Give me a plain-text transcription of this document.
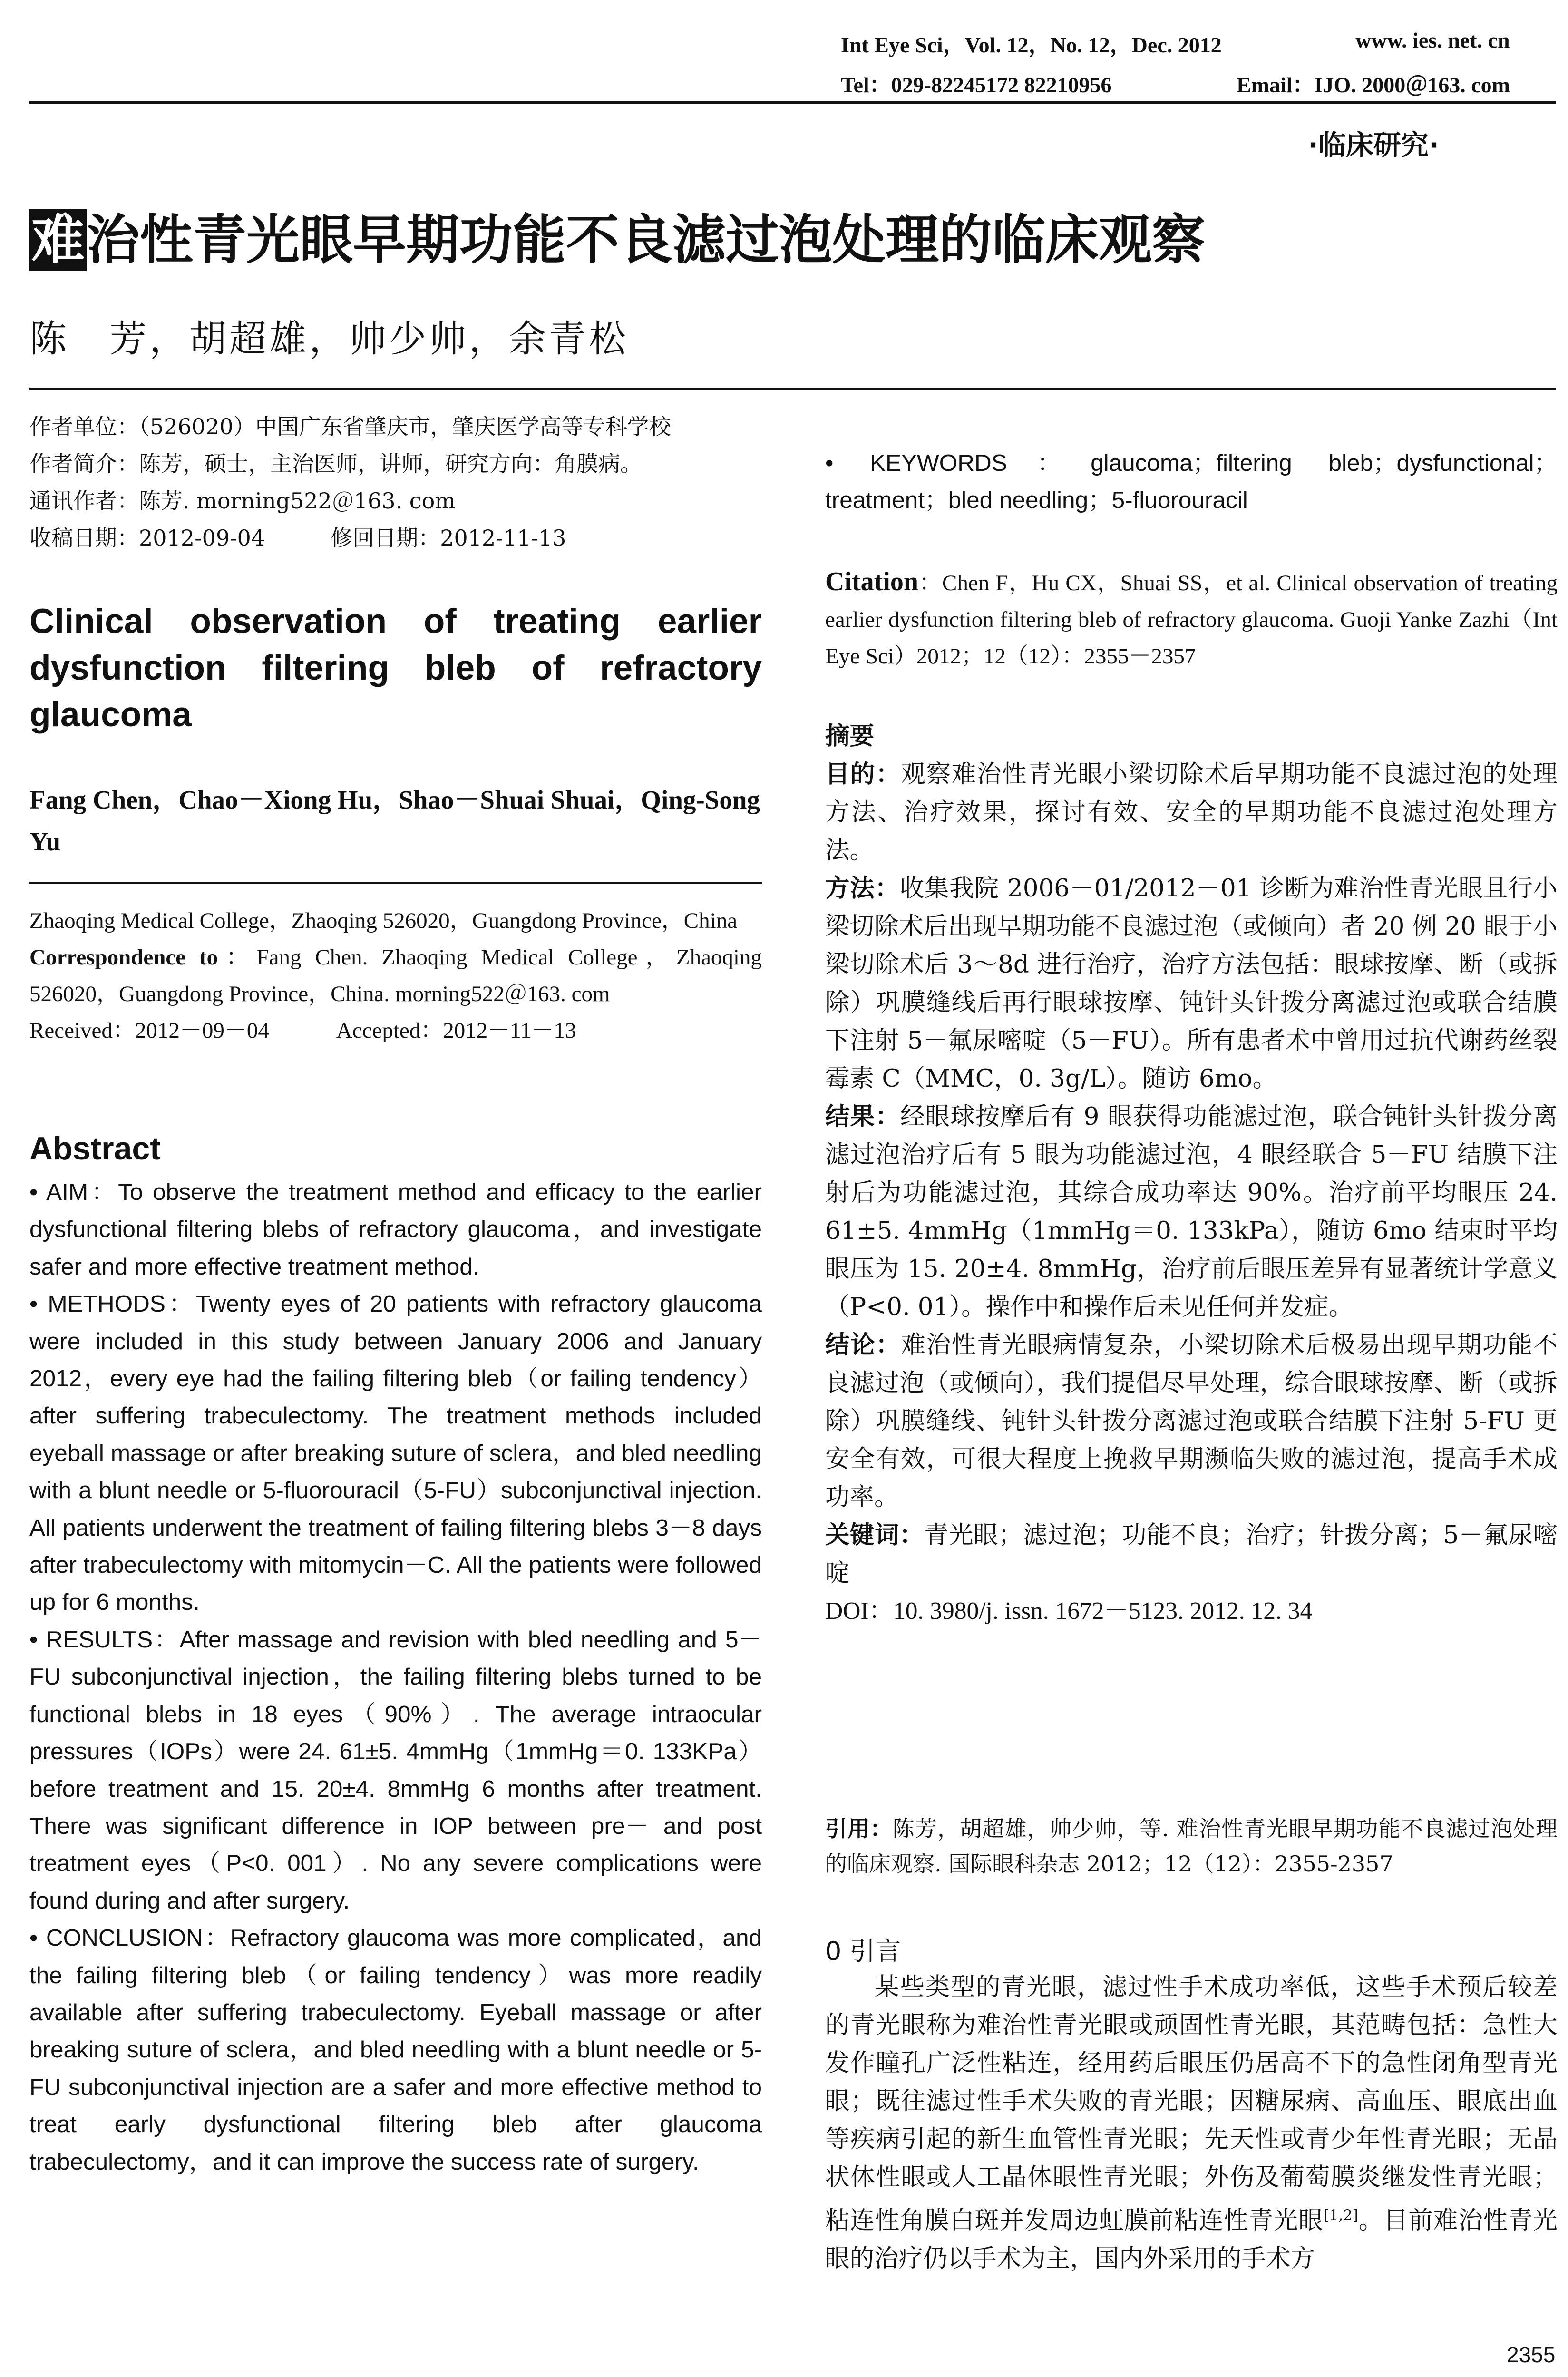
Int Eye Sci，Vol. 12，No. 12，Dec. 2012	www. ies. net. cn
Tel：029-82245172 82210956	Email：IJO. 2000＠163. com
·临床研究·
难治性青光眼早期功能不良滤过泡处理的临床观察
陈　芳，胡超雄，帅少帅，余青松
作者单位：（526020）中国广东省肇庆市，肇庆医学高等专科学校
作者简介：陈芳，硕士，主治医师，讲师，研究方向：角膜病。
通讯作者：陈芳. morning522＠163. com
收稿日期：2012-09-04　　　修回日期：2012-11-13
Clinical observation of treating earlier dysfunction filtering bleb of refractory glaucoma
Fang Chen，Chao－Xiong Hu，Shao－Shuai Shuai，Qing-Song Yu

Zhaoqing Medical College，Zhaoqing 526020，Guangdong Province，China

Correspondence to：Fang Chen. Zhaoqing Medical College，Zhaoqing 526020，Guangdong Province，China. morning522＠163. com

Received：2012－09－04　　　Accepted：2012－11－13

Abstract

• AIM：To observe the treatment method and efficacy to the earlier dysfunctional filtering blebs of refractory glaucoma，and investigate safer and more effective treatment method.

• METHODS：Twenty eyes of 20 patients with refractory glaucoma were included in this study between January 2006 and January 2012，every eye had the failing filtering bleb（or failing tendency）after suffering trabeculectomy. The treatment methods included eyeball massage or after breaking suture of sclera，and bled needling with a blunt needle or 5-fluorouracil（5-FU）subconjunctival injection. All patients underwent the treatment of failing filtering blebs 3－8 days after trabeculectomy with mitomycin－C. All the patients were followed up for 6 months.

• RESULTS：After massage and revision with bled needling and 5－FU subconjunctival injection，the failing filtering blebs turned to be functional blebs in 18 eyes（90%）. The average intraocular pressures（IOPs）were 24. 61±5. 4mmHg（1mmHg＝0. 133KPa）before treatment and 15. 20±4. 8mmHg 6 months after treatment. There was significant difference in IOP between pre－ and post treatment eyes（P<0. 001）. No any severe complications were found during and after surgery.

• CONCLUSION：Refractory glaucoma was more complicated，and the failing filtering bleb（or failing tendency）was more readily available after suffering trabeculectomy. Eyeball massage or after breaking suture of sclera，and bled needling with a blunt needle or 5-FU subconjunctival injection are a safer and more effective method to treat early dysfunctional filtering bleb after glaucoma trabeculectomy，and it can improve the success rate of surgery.

• KEYWORDS：glaucoma；filtering bleb；dysfunctional；treatment；bled needling；5-fluorouracil

Citation：Chen F，Hu CX，Shuai SS，et al. Clinical observation of treating earlier dysfunction filtering bleb of refractory glaucoma. Guoji Yanke Zazhi（Int Eye Sci）2012；12（12）：2355－2357

摘要

目的：观察难治性青光眼小梁切除术后早期功能不良滤过泡的处理方法、治疗效果，探讨有效、安全的早期功能不良滤过泡处理方法。

方法：收集我院 2006－01/2012－01 诊断为难治性青光眼且行小梁切除术后出现早期功能不良滤过泡（或倾向）者 20 例 20 眼于小梁切除术后 3～8d 进行治疗，治疗方法包括：眼球按摩、断（或拆除）巩膜缝线后再行眼球按摩、钝针头针拨分离滤过泡或联合结膜下注射 5－氟尿嘧啶（5－FU）。所有患者术中曾用过抗代谢药丝裂霉素 C（MMC，0. 3g/L）。随访 6mo。

结果：经眼球按摩后有 9 眼获得功能滤过泡，联合钝针头针拨分离滤过泡治疗后有 5 眼为功能滤过泡，4 眼经联合 5－FU 结膜下注射后为功能滤过泡，其综合成功率达 90%。治疗前平均眼压 24. 61±5. 4mmHg（1mmHg＝0. 133kPa），随访 6mo 结束时平均眼压为 15. 20±4. 8mmHg，治疗前后眼压差异有显著统计学意义（P<0. 01）。操作中和操作后未见任何并发症。

结论：难治性青光眼病情复杂，小梁切除术后极易出现早期功能不良滤过泡（或倾向），我们提倡尽早处理，综合眼球按摩、断（或拆除）巩膜缝线、钝针头针拨分离滤过泡或联合结膜下注射 5-FU 更安全有效，可很大程度上挽救早期濒临失败的滤过泡，提高手术成功率。

关键词：青光眼；滤过泡；功能不良；治疗；针拨分离；5－氟尿嘧啶

DOI：10. 3980/j. issn. 1672－5123. 2012. 12. 34

引用：陈芳，胡超雄，帅少帅，等. 难治性青光眼早期功能不良滤过泡处理的临床观察. 国际眼科杂志 2012；12（12）：2355-2357

0 引言

某些类型的青光眼，滤过性手术成功率低，这些手术预后较差的青光眼称为难治性青光眼或顽固性青光眼，其范畴包括：急性大发作瞳孔广泛性粘连，经用药后眼压仍居高不下的急性闭角型青光眼；既往滤过性手术失败的青光眼；因糖尿病、高血压、眼底出血等疾病引起的新生血管性青光眼；先天性或青少年性青光眼；无晶状体性眼或人工晶体眼性青光眼；外伤及葡萄膜炎继发性青光眼；粘连性角膜白斑并发周边虹膜前粘连性青光眼[1,2]。目前难治性青光眼的治疗仍以手术为主，国内外采用的手术方

2355
